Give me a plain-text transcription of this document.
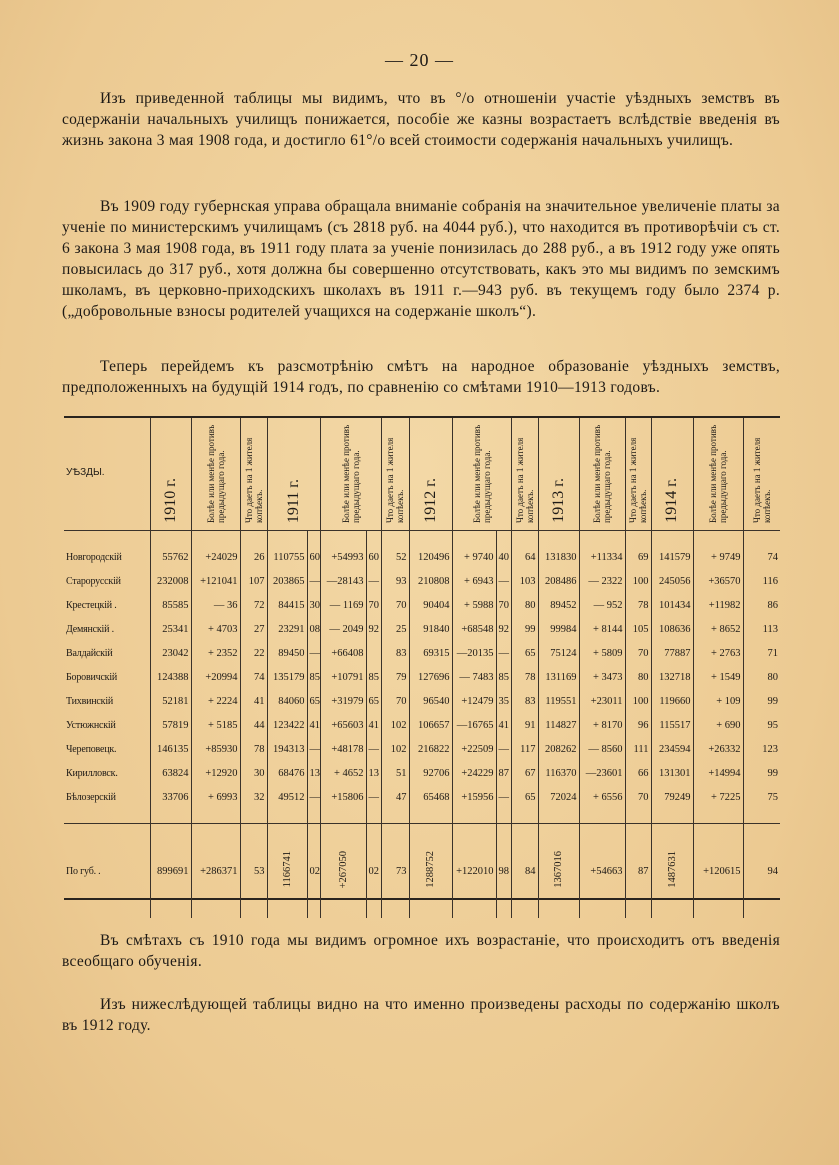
— 20 —
Изъ приведенной таблицы мы видимъ, что въ °/о отношеніи участіе уѣздныхъ земствъ въ содержаніи начальныхъ училищъ понижается, пособіе же казны возрастаетъ вслѣдствіе введенія въ жизнь закона 3 мая 1908 года, и достигло 61°/о всей стоимости содержанія начальныхъ училищъ.
Въ 1909 году губернская управа обращала вниманіе собранія на значительное увеличеніе платы за ученіе по министерскимъ училищамъ (съ 2818 руб. на 4044 руб.), что находится въ противорѣчіи съ ст. 6 закона 3 мая 1908 года, въ 1911 году плата за ученіе понизилась до 288 руб., а въ 1912 году уже опять повысилась до 317 руб., хотя должна бы совершенно отсутствовать, какъ это мы видимъ по земскимъ школамъ, въ церковно-приходскихъ школахъ въ 1911 г.—943 руб. въ текущемъ году было 2374 р. („добровольные взносы родителей учащихся на содержаніе школъ“).
Теперь перейдемъ къ разсмотрѣнію смѣтъ на народное образованіе уѣздныхъ земствъ, предположенныхъ на будущій 1914 годъ, по сравненію со смѣтами 1910—1913 годовъ.
УѢЗДЫ.	1910 г.	Болѣе или менѣе противъ предыдущаго года.	Что даетъ на 1 жителя копѣекъ.	1911 г.		Болѣе или менѣе противъ предыдущаго года.		Что даетъ на 1 жителя копѣекъ.	1912 г.	Болѣе или менѣе противъ предыдущаго года.		Что даетъ на 1 жителя копѣекъ.	1913 г.	Болѣе или менѣе противъ предыдущаго года.	Что даетъ на 1 жителя копѣекъ.	1914 г.	Болѣе или менѣе противъ предыдущаго года.	Что даетъ на 1 жителя копѣекъ.

Новгородскій	55762	+24029	26	110755	60	+54993	60	52	120496	+ 9740	40	64	131830	+11334	69	141579	+ 9749	74
Старорусскій	232008	+121041	107	203865	—	—28143	—	93	210808	+ 6943	—	103	208486	— 2322	100	245056	+36570	116
Крестецкій .	85585	— 36	72	84415	30	— 1169	70	70	90404	+ 5988	70	80	89452	— 952	78	101434	+11982	86
Демянскій .	25341	+ 4703	27	23291	08	— 2049	92	25	91840	+68548	92	99	99984	+ 8144	105	108636	+ 8652	113
Валдайскій	23042	+ 2352	22	89450	—	+66408		83	69315	—20135	—	65	75124	+ 5809	70	77887	+ 2763	71
Боровичскій	124388	+20994	74	135179	85	+10791	85	79	127696	— 7483	85	78	131169	+ 3473	80	132718	+ 1549	80
Тихвинскій	52181	+ 2224	41	84060	65	+31979	65	70	96540	+12479	35	83	119551	+23011	100	119660	+ 109	99
Устюжнскій	57819	+ 5185	44	123422	41	+65603	41	102	106657	—16765	41	91	114827	+ 8170	96	115517	+ 690	95
Череповецк.	146135	+85930	78	194313	—	+48178	—	102	216822	+22509	—	117	208262	— 8560	111	234594	+26332	123
Кирилловск.	63824	+12920	30	68476	13	+ 4652	13	51	92706	+24229	87	67	116370	—23601	66	131301	+14994	99
Бѣлозерскій	33706	+ 6993	32	49512	—	+15806	—	47	65468	+15956	—	65	72024	+ 6556	70	79249	+ 7225	75

По губ. .	899691	+286371	53	1166741	02	+267050	02	73	1288752	+122010	98	84	1367016	+54663	87	1487631	+120615	94
Въ смѣтахъ съ 1910 года мы видимъ огромное ихъ возрастаніе, что происходитъ отъ введенія всеобщаго обученія.
Изъ нижеслѣдующей таблицы видно на что именно произведены расходы по содержанію школъ въ 1912 году.
